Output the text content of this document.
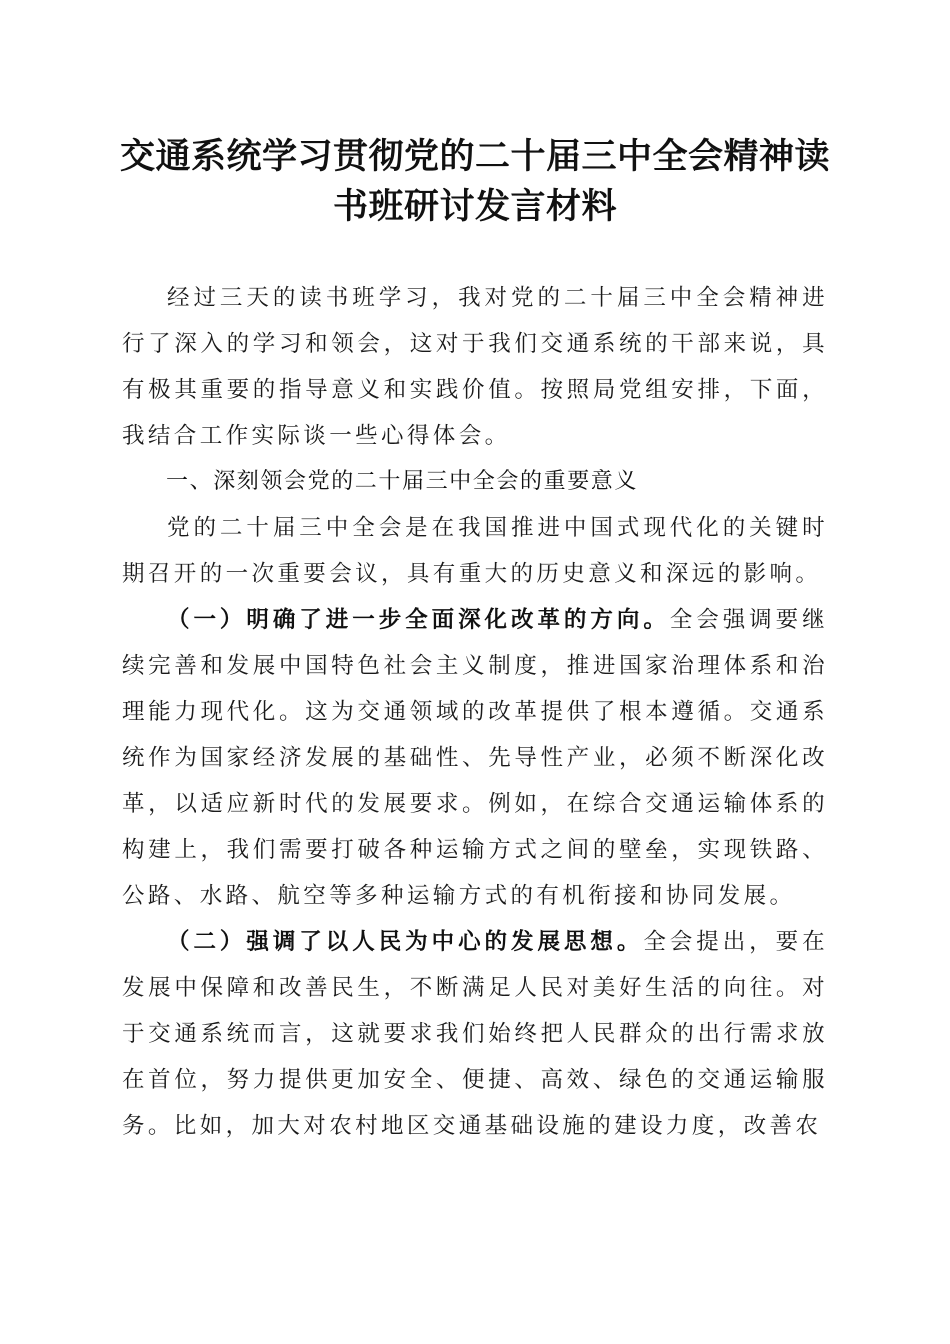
交通系统学习贯彻党的二十届三中全会精神读
书班研讨发言材料

经过三天的读书班学习，我对党的二十届三中全会精神进行了深入的学习和领会，这对于我们交通系统的干部来说，具有极其重要的指导意义和实践价值。按照局党组安排，下面，我结合工作实际谈一些心得体会。

一、深刻领会党的二十届三中全会的重要意义

党的二十届三中全会是在我国推进中国式现代化的关键时期召开的一次重要会议，具有重大的历史意义和深远的影响。

（一）明确了进一步全面深化改革的方向。全会强调要继续完善和发展中国特色社会主义制度，推进国家治理体系和治理能力现代化。这为交通领域的改革提供了根本遵循。交通系统作为国家经济发展的基础性、先导性产业，必须不断深化改革，以适应新时代的发展要求。例如，在综合交通运输体系的构建上，我们需要打破各种运输方式之间的壁垒，实现铁路、公路、水路、航空等多种运输方式的有机衔接和协同发展。

（二）强调了以人民为中心的发展思想。全会提出，要在发展中保障和改善民生，不断满足人民对美好生活的向往。对于交通系统而言，这就要求我们始终把人民群众的出行需求放在首位，努力提供更加安全、便捷、高效、绿色的交通运输服务。比如，加大对农村地区交通基础设施的建设力度，改善农
